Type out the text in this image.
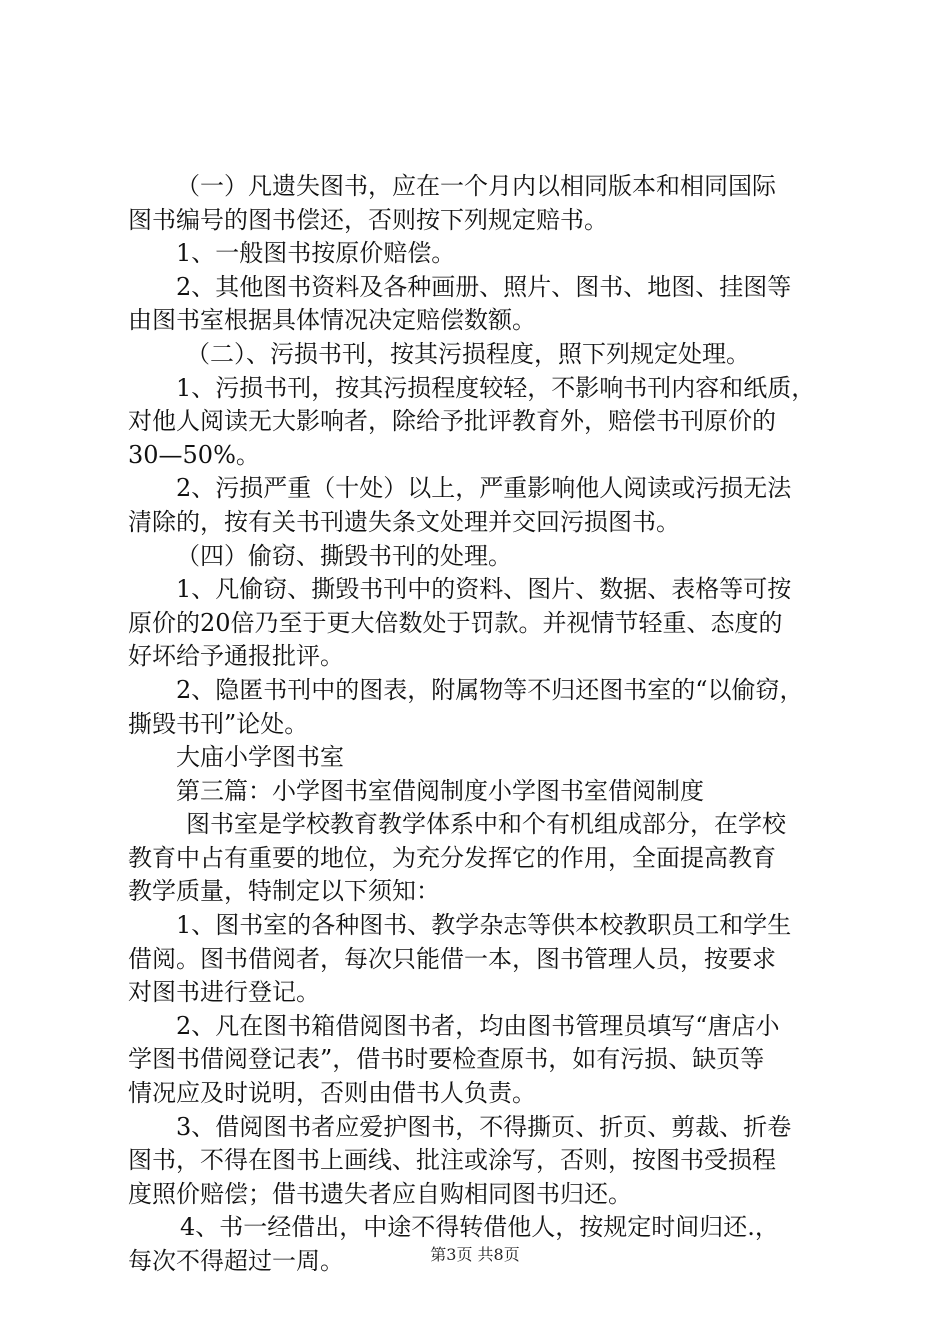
（一）凡遗失图书，应在一个月内以相同版本和相同国际
图书编号的图书偿还，否则按下列规定赔书。
1、一般图书按原价赔偿。
2、其他图书资料及各种画册、照片、图书、地图、挂图等
由图书室根据具体情况决定赔偿数额。
（二）、污损书刊，按其污损程度，照下列规定处理。
1、污损书刊，按其污损程度较轻，不影响书刊内容和纸质，
对他人阅读无大影响者，除给予批评教育外，赔偿书刊原价的
30—50%。
2、污损严重（十处）以上，严重影响他人阅读或污损无法
清除的，按有关书刊遗失条文处理并交回污损图书。
（四）偷窃、撕毁书刊的处理。
1、凡偷窃、撕毁书刊中的资料、图片、数据、表格等可按
原价的20倍乃至于更大倍数处于罚款。并视情节轻重、态度的
好坏给予通报批评。
2、隐匿书刊中的图表，附属物等不归还图书室的“以偷窃，
撕毁书刊”论处。
大庙小学图书室
第三篇：小学图书室借阅制度小学图书室借阅制度
图书室是学校教育教学体系中和个有机组成部分，在学校
教育中占有重要的地位，为充分发挥它的作用，全面提高教育
教学质量，特制定以下须知：
1、图书室的各种图书、教学杂志等供本校教职员工和学生
借阅。图书借阅者，每次只能借一本，图书管理人员，按要求
对图书进行登记。
2、凡在图书箱借阅图书者，均由图书管理员填写“唐店小
学图书借阅登记表”，借书时要检查原书，如有污损、缺页等
情况应及时说明，否则由借书人负责。
3、借阅图书者应爱护图书，不得撕页、折页、剪裁、折卷
图书，不得在图书上画线、批注或涂写，否则，按图书受损程
度照价赔偿；借书遗失者应自购相同图书归还。
4、书一经借出，中途不得转借他人，按规定时间归还.，
每次不得超过一周。	第3页 共8页
